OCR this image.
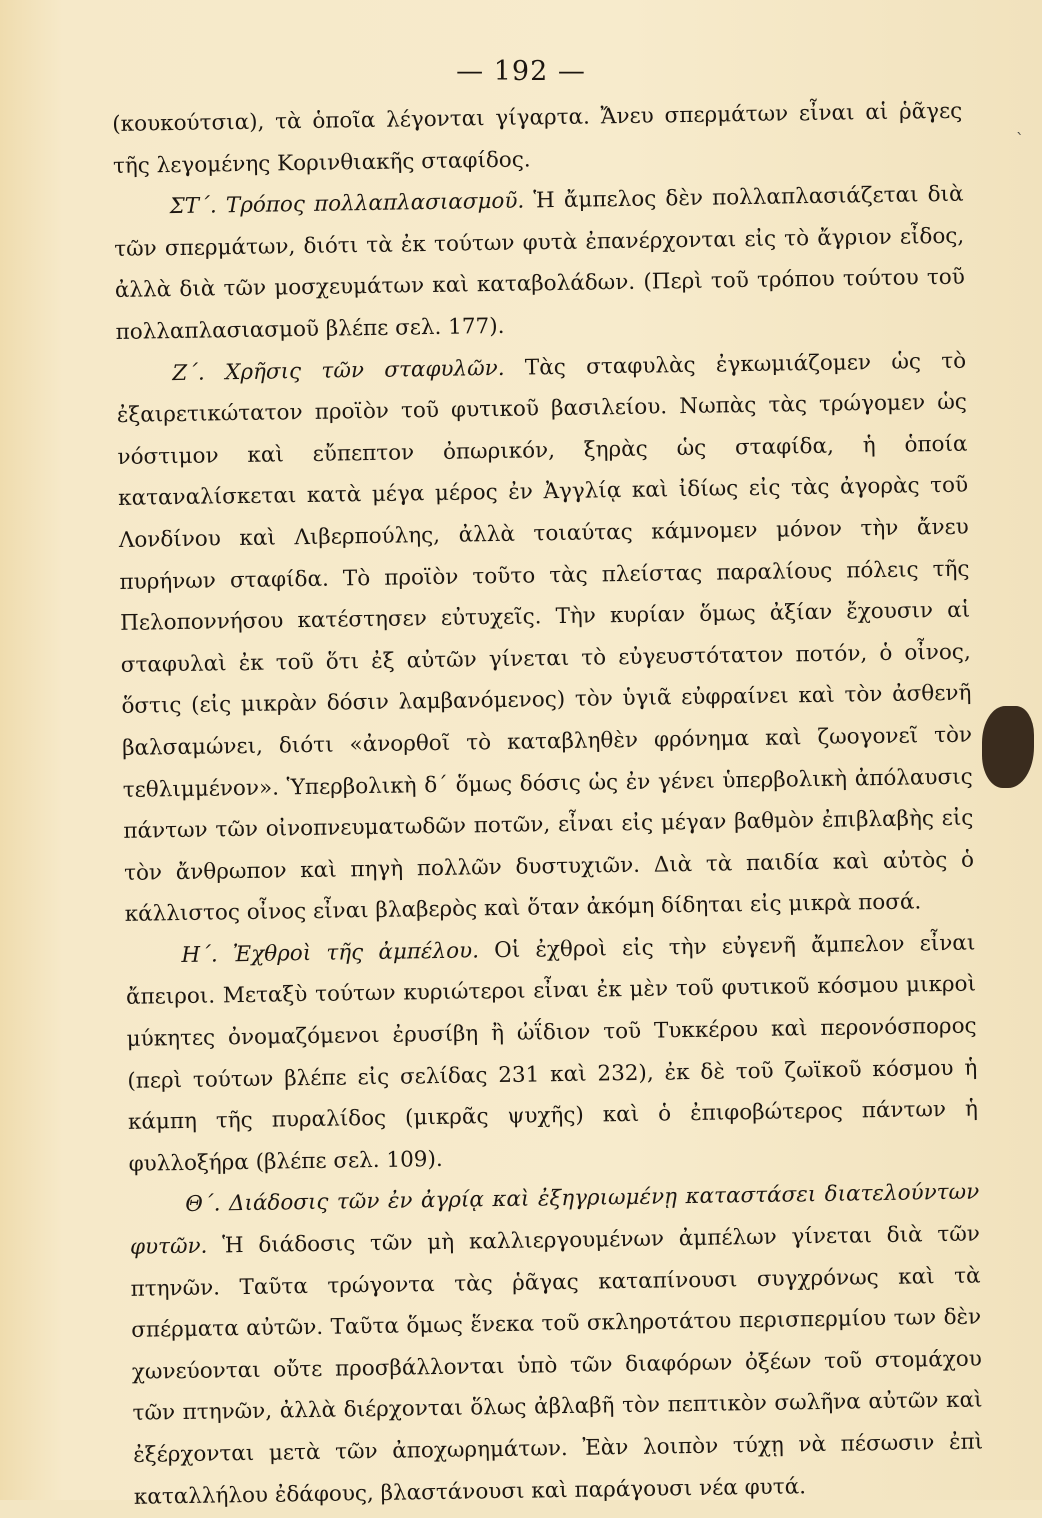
— 192 —
`

(κουκούτσια), τὰ ὁποῖα λέγονται γίγαρτα. Ἄνευ σπερμάτων εἶναι αἱ ῥᾶγες τῆς λεγομένης Κορινθιακῆς σταφίδος.

ΣΤ΄. Τρόπος πολλαπλασιασμοῦ. Ἡ ἄμπελος δὲν πολλαπλασιάζεται διὰ τῶν σπερμάτων, διότι τὰ ἐκ τούτων φυτὰ ἐπανέρχονται εἰς τὸ ἄγριον εἶδος, ἀλλὰ διὰ τῶν μοσχευμάτων καὶ καταβολάδων. (Περὶ τοῦ τρόπου τούτου τοῦ πολλαπλασιασμοῦ βλέπε σελ. 177).

Ζ΄. Χρῆσις τῶν σταφυλῶν. Τὰς σταφυλὰς ἐγκωμιάζομεν ὡς τὸ ἐξαιρετικώτατον προϊὸν τοῦ φυτικοῦ βασιλείου. Νωπὰς τὰς τρώγομεν ὡς νόστιμον καὶ εὔπεπτον ὀπωρικόν, ξηρὰς ὡς σταφίδα, ἡ ὁποία καταναλίσκεται κατὰ μέγα μέρος ἐν Ἀγγλίᾳ καὶ ἰδίως εἰς τὰς ἀγορὰς τοῦ Λονδίνου καὶ Λιβερπούλης, ἀλλὰ τοιαύτας κάμνομεν μόνον τὴν ἄνευ πυρήνων σταφίδα. Τὸ προϊὸν τοῦτο τὰς πλείστας παραλίους πόλεις τῆς Πελοποννήσου κατέστησεν εὐτυχεῖς. Τὴν κυρίαν ὅμως ἀξίαν ἔχουσιν αἱ σταφυλαὶ ἐκ τοῦ ὅτι ἐξ αὐτῶν γίνεται τὸ εὐγευστότατον ποτόν, ὁ οἶνος, ὅστις (εἰς μικρὰν δόσιν λαμβανόμενος) τὸν ὑγιᾶ εὐφραίνει καὶ τὸν ἀσθενῆ βαλσαμώνει, διότι «ἀνορθοῖ τὸ καταβληθὲν φρόνημα καὶ ζωογονεῖ τὸν τεθλιμμένον». Ὑπερβολικὴ δ΄ ὅμως δόσις ὡς ἐν γένει ὑπερβολικὴ ἀπόλαυσις πάντων τῶν οἰνοπνευματωδῶν ποτῶν, εἶναι εἰς μέγαν βαθμὸν ἐπιβλαβὴς εἰς τὸν ἄνθρωπον καὶ πηγὴ πολλῶν δυστυχιῶν. Διὰ τὰ παιδία καὶ αὐτὸς ὁ κάλλιστος οἶνος εἶναι βλαβερὸς καὶ ὅταν ἀκόμη δίδηται εἰς μικρὰ ποσά.

Η΄. Ἐχθροὶ τῆς ἀμπέλου. Οἱ ἐχθροὶ εἰς τὴν εὐγενῆ ἄμπελον εἶναι ἄπειροι. Μεταξὺ τούτων κυριώτεροι εἶναι ἐκ μὲν τοῦ φυτικοῦ κόσμου μικροὶ μύκητες ὀνομαζόμενοι ἐρυσίβη ἢ ὠΐδιον τοῦ Τυκκέρου καὶ περονόσπορος (περὶ τούτων βλέπε εἰς σελίδας 231 καὶ 232), ἐκ δὲ τοῦ ζωϊκοῦ κόσμου ἡ κάμπη τῆς πυραλίδος (μικρᾶς ψυχῆς) καὶ ὁ ἐπιφοβώτερος πάντων ἡ φυλλοξήρα (βλέπε σελ. 109).

Θ΄. Διάδοσις τῶν ἐν ἀγρίᾳ καὶ ἐξηγριωμένῃ καταστάσει διατελούντων φυτῶν. Ἡ διάδοσις τῶν μὴ καλλιεργουμένων ἀμπέλων γίνεται διὰ τῶν πτηνῶν. Ταῦτα τρώγοντα τὰς ῥᾶγας καταπίνουσι συγχρόνως καὶ τὰ σπέρματα αὐτῶν. Ταῦτα ὅμως ἕνεκα τοῦ σκληροτάτου περισπερμίου των δὲν χωνεύονται οὔτε προσβάλλονται ὑπὸ τῶν διαφόρων ὀξέων τοῦ στομάχου τῶν πτηνῶν, ἀλλὰ διέρχονται ὅλως ἀβλαβῆ τὸν πεπτικὸν σωλῆνα αὐτῶν καὶ ἐξέρχονται μετὰ τῶν ἀποχωρημάτων. Ἐὰν λοιπὸν τύχῃ νὰ πέσωσιν ἐπὶ καταλλήλου ἐδάφους, βλαστάνουσι καὶ παράγουσι νέα φυτά.
